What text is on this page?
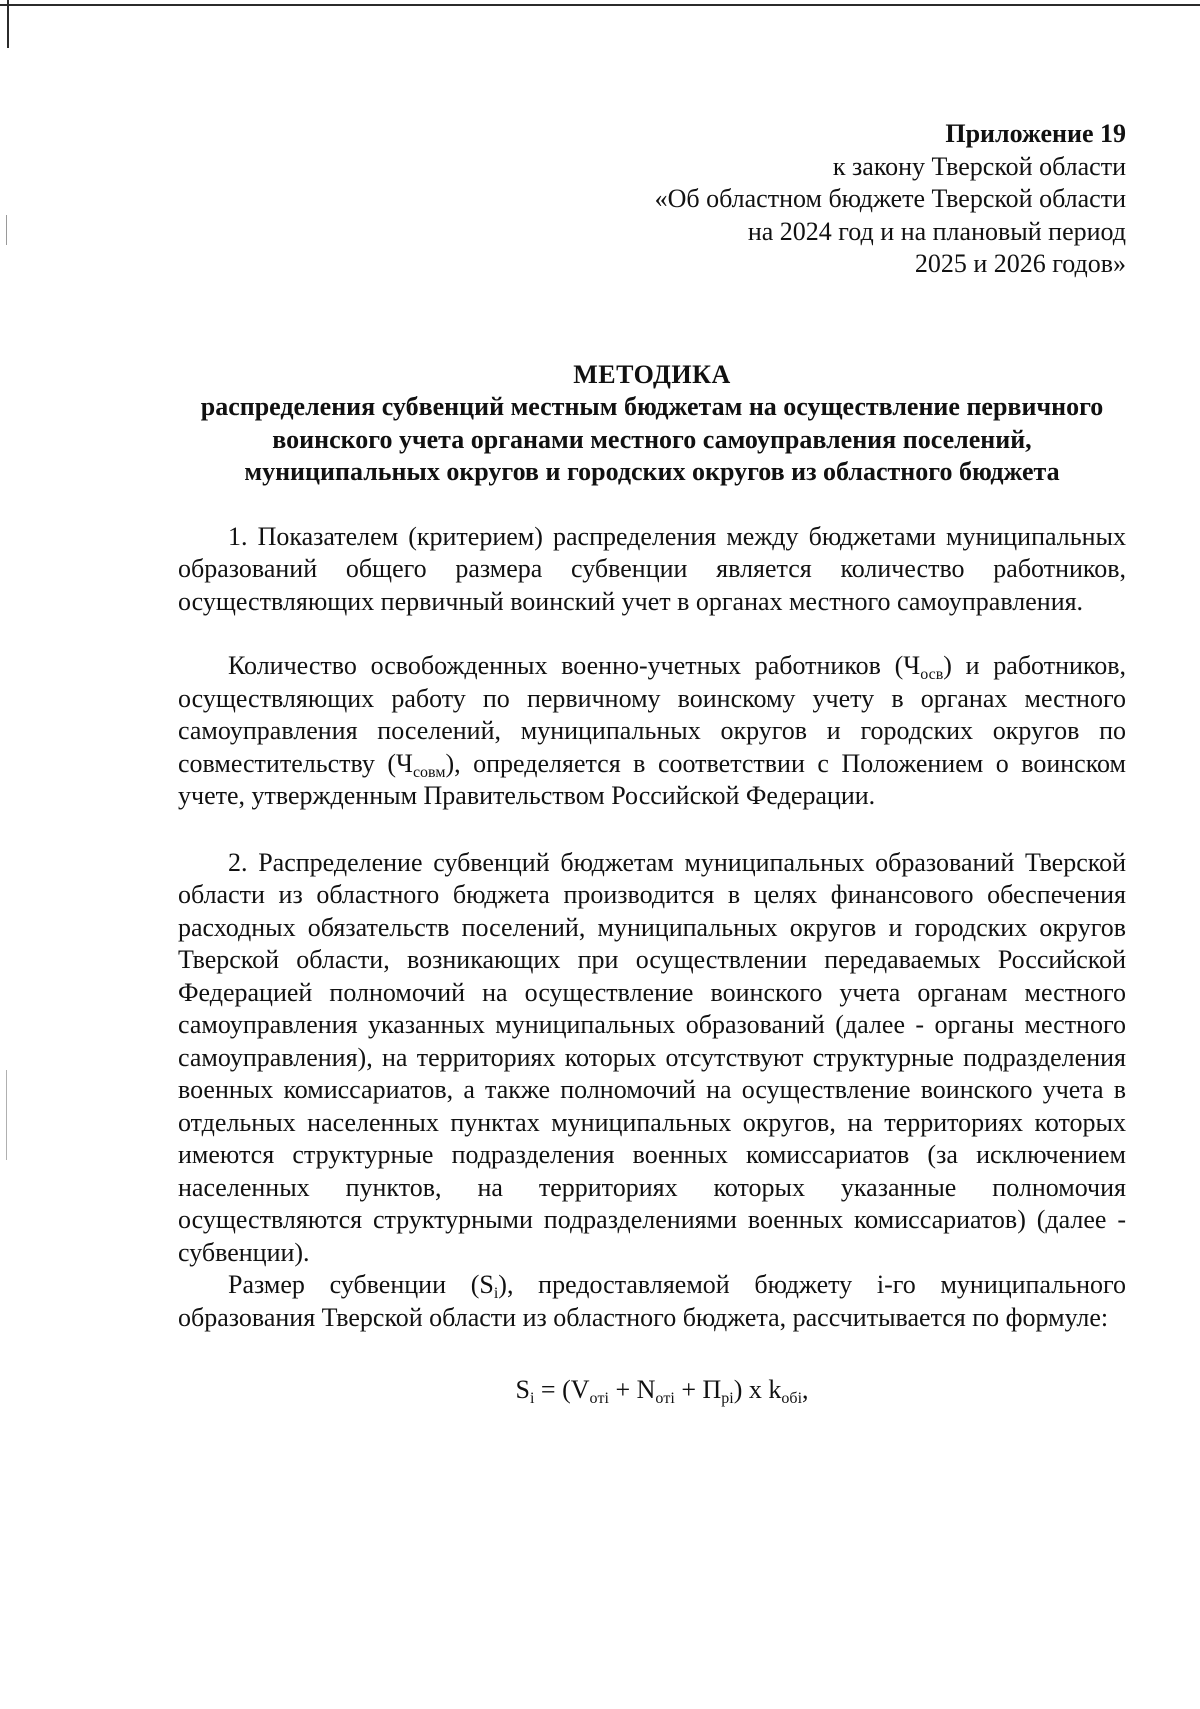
Приложение 19
к закону Тверской области
«Об областном бюджете Тверской области
на 2024 год и на плановый период
2025 и 2026 годов»
МЕТОДИКА
распределения субвенций местным бюджетам на осуществление первичного воинского учета органами местного самоуправления поселений, муниципальных округов и городских округов из областного бюджета

1. Показателем (критерием) распределения между бюджетами муниципальных образований общего размера субвенции является количество работников, осуществляющих первичный воинский учет в органах местного самоуправления.

Количество освобожденных военно-учетных работников $(Ч_{осв})$ и работников, осуществляющих работу по первичному воинскому учету в органах местного самоуправления поселений, муниципальных округов и городских округов по совместительству $(Ч_{совм})$, определяется в соответствии с Положением о воинском учете, утвержденным Правительством Российской Федерации.

2. Распределение субвенций бюджетам муниципальных образований Тверской области из областного бюджета производится в целях финансового обеспечения расходных обязательств поселений, муниципальных округов и городских округов Тверской области, возникающих при осуществлении передаваемых Российской Федерацией полномочий на осуществление воинского учета органам местного самоуправления указанных муниципальных образований (далее - органы местного самоуправления), на территориях которых отсутствуют структурные подразделения военных комиссариатов, а также полномочий на осуществление воинского учета в отдельных населенных пунктах муниципальных округов, на территориях которых имеются структурные подразделения военных комиссариатов (за исключением населенных пунктов, на территориях которых указанные полномочия осуществляются структурными подразделениями военных комиссариатов) (далее - субвенции).

Размер субвенции $(S_i)$, предоставляемой бюджету i-го муниципального образования Тверской области из областного бюджета, рассчитывается по формуле:

$S_i = (V_{oтi} + N_{oтi} + П_{pi})$ x $k_{oбi}$,
